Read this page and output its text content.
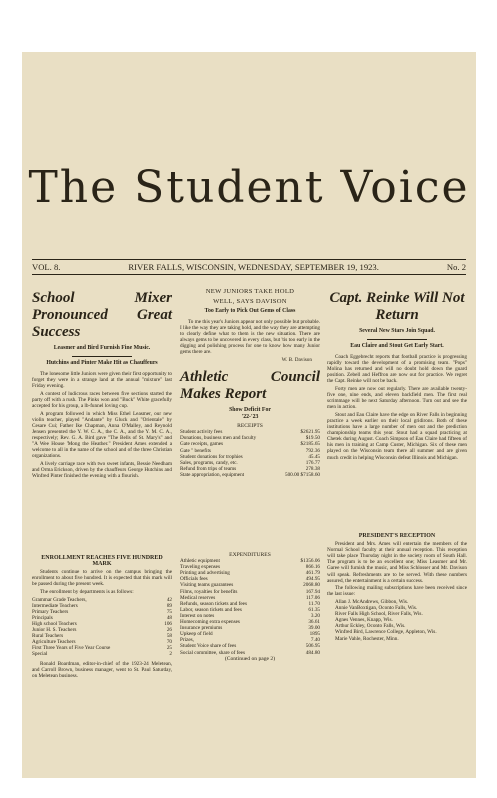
The Student Voice
VOL. 8.	RIVER FALLS, WISCONSIN, WEDNESDAY, SEPTEMBER 19, 1923.	No. 2
School Mixer Pronounced Great Success
Leasmer and Bird Furnish Fine Music.
Hutchins and Pinter Make Hit as Chauffeurs

The lonesome little Juniors were given their first opportunity to forget they were in a strange land at the annual "mixture" last Friday evening.

A contest of ludicrous races between five sections started the party off with a rush. The Pinks won and "Buck" White gracefully accepted for his group, a lb-funnel loving cup.

A program followed in which Miss Ethel Leasmer, our new violin teacher, played "Andante" by Gluck and "Orientale" by Cesare Cui; Father Ike Chapman, Anna O'Malley, and Reynold Jensen presented the Y. W. C. A., the C. A., and the Y. M. C. A., respectively; Rev. G. A. Bird gave "The Bells of St. Mary's" and "A Wee House 'Mong the Heather." President Ames extended a welcome to all in the name of the school and of the three Christian organizations.

A lively carriage race with two sweet infants, Bessie Needham and Orma Erickson, driven by the chauffeurs George Hutchins and Winfred Pinter finished the evening with a flourish.

ENROLLMENT REACHES FIVE HUNDRED MARK

Students continue to arrive on the campus bringing the enrollment to about five hundred. It is expected that this mark will be passed during the present week.

The enrollment by departments is as follows:

Grammar Grade Teachers,	42
Intermediate Teachers	89
Primary Teachers	75
Principals	48
High school Teachers	106
Junior H. S. Teachers	26
Rural Teachers	58
Agriculture Teachers	70
First Three Years of Five Year Course	25
Special	2

Ronald Boardman, editor-in-chief of the 1923-24 Meletean, and Carroll Brown, business manager, went to St. Paul Saturday, on Meletean business.

NEW JUNIORS TAKE HOLD
WELL, SAYS DAVISON
Too Early to Pick Out Gems of Class

To me this year's Juniors appear not only possible but probable. I like the way they are taking hold, and the way they are attempting to clearly define what to them is the new situation. There are always gems to be uncovered in every class, but 'tis too early in the digging and polishing process for one to know how many Junior gems there are.

W. B. Davison
Athletic Council Makes Report
Show Deficit For
'22-'23
RECEIPTS
Student activity fees	$2621.95
Donations, business men and faculty	$19.50
Gate receipts, games	$2185.65
Gate " benefits	792.36
Student donations for trophies	45.45
Sales, programs, candy, etc.	176.77
Refund from trips of teams	278.38
State appropriation, equipment	500.00 $7158.60
EXPENDITURES
Athletic equipment	$1356.06
Traveling expenses	866.16
Printing and advertising	461.79
Officials fees	494.95
Visiting teams guarantees	2068.80
Films, royalties for benefits	167.94
Medical reserves	117.06
Refunds, season tickets and fees	11.70
Labor, season tickets and fees	61.35
Interest on notes	3.20
Homecoming extra expenses	36.61
Insurance premiums	39.00
Upkeep of field	1895
Prizes,	7.40
Student Voice share of fees	506.95
Social committee, share of fees	484.80
(Continued on page 2)
Capt. Reinke Will Not Return
Several New Stars Join Squad.
Eau Claire and Stout Get Early Start.

Coach Eggebrecht reports that football practice is progressing rapidly toward the development of a promising team. "Pops" Molina has returned and will no doubt hold down the guard position. Zebell and Heffron are now out for practice. We regret the Capt. Reinke will not be back.

Forty men are now out regularly. There are available twenty-five one, nine ends, and eleven backfield men. The first real scrimmage will be next Saturday afternoon. Turn out and see the men in action.

Stout and Eau Claire have the edge on River Falls in beginning practice a week earlier on their local gridirons. Both of these institutions have a large number of men out and the prediction championship teams this year. Stout had a squad practicing at Chetek during August. Coach Simpson of Eau Claire had fifteen of his men in training at Camp Custer, Michigan. Six of these men played on the Wisconsin team there all summer and are given much credit in helping Wisconsin defeat Illinois and Michigan.

PRESIDENT'S RECEPTION

President and Mrs. Ames will entertain the members of the Normal School faculty at their annual reception. This reception will take place Thursday night in the society room of South Hall. The program is to be an excellent one; Miss Leasmer and Mr. Garee will furnish the music, and Miss Schlosser and Mr. Davison will speak. Refreshments are to be served. With these numbers assured, the entertainment is a certain success.

The following mailing subscriptions have been received since the last issue:

Allan J. McAndrews, Gibbon, Wis.
Annie VanBoxtigan, Oconto Falls, Wis.
River Falls High School, River Falls, Wis.
Agnes Vennes, Knapp, Wis.
Arthur Eckley, Oconto Falls, Wis.
Winfred Bird, Lawrence College, Appleton, Wis.
Marie Vahle, Rochester, Minn.
